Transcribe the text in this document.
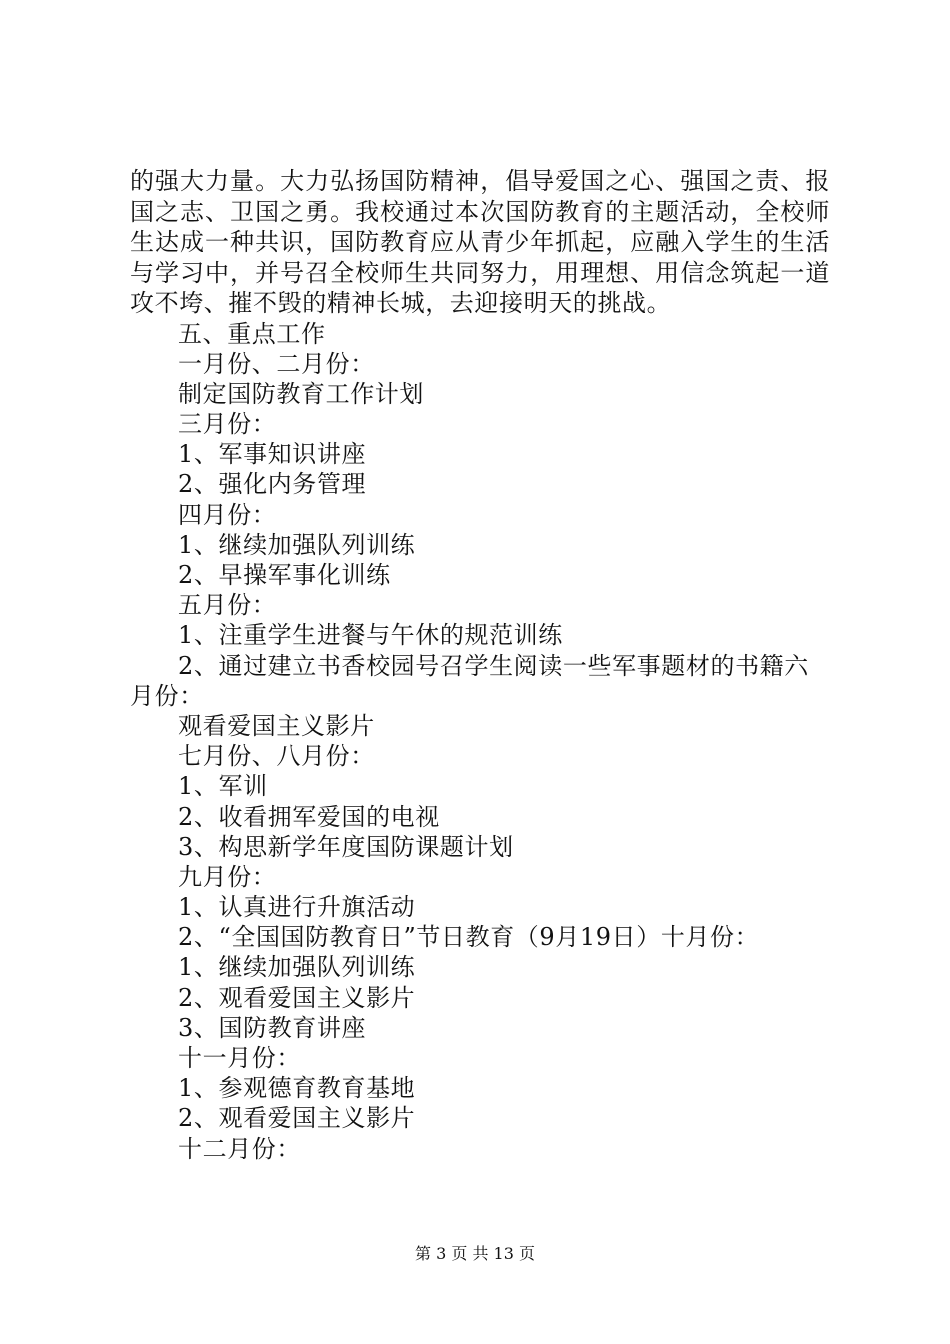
的强大力量。大力弘扬国防精神，倡导爱国之心、强国之责、报国之志、卫国之勇。我校通过本次国防教育的主题活动，全校师生达成一种共识，国防教育应从青少年抓起，应融入学生的生活与学习中，并号召全校师生共同努力，用理想、用信念筑起一道攻不垮、摧不毁的精神长城，去迎接明天的挑战。

五、重点工作
一月份、二月份：
制定国防教育工作计划
三月份：
1、军事知识讲座
2、强化内务管理
四月份：
1、继续加强队列训练
2、早操军事化训练
五月份：
1、注重学生进餐与午休的规范训练
2、通过建立书香校园号召学生阅读一些军事题材的书籍六月份：
观看爱国主义影片
七月份、八月份：
1、军训
2、收看拥军爱国的电视
3、构思新学年度国防课题计划
九月份：
1、认真进行升旗活动
2、“全国国防教育日”节日教育（9月19日）十月份：
1、继续加强队列训练
2、观看爱国主义影片
3、国防教育讲座
十一月份：
1、参观德育教育基地
2、观看爱国主义影片
十二月份：
第 3 页 共 13 页
